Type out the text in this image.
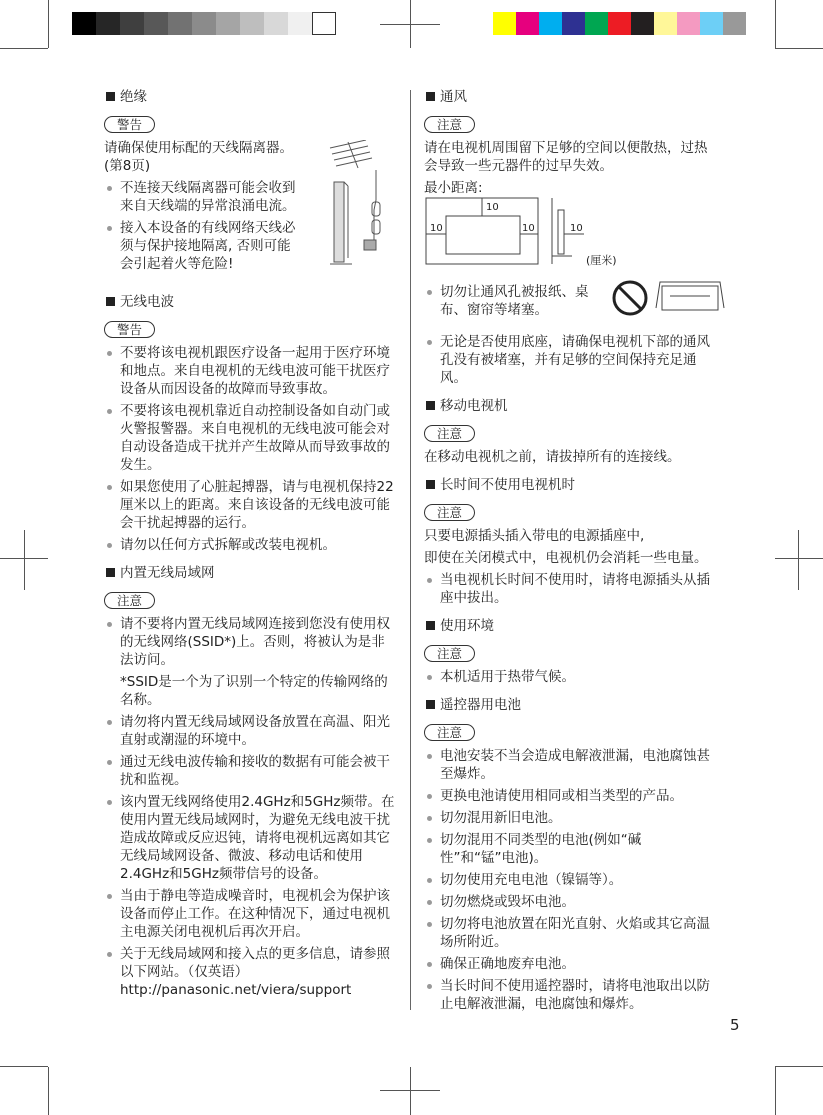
绝缘
警告
请确保使用标配的天线隔离器。(第8页)
不连接天线隔离器可能会收到来自天线端的异常浪涌电流。
接入本设备的有线网络天线必须与保护接地隔离, 否则可能会引起着火等危险!
无线电波
警告
不要将该电视机跟医疗设备一起用于医疗环境和地点。来自电视机的无线电波可能干扰医疗设备从而因设备的故障而导致事故。
不要将该电视机靠近自动控制设备如自动门或火警报警器。来自电视机的无线电波可能会对自动设备造成干扰并产生故障从而导致事故的发生。
如果您使用了心脏起搏器，请与电视机保持22厘米以上的距离。来自该设备的无线电波可能会干扰起搏器的运行。
请勿以任何方式拆解或改装电视机。
内置无线局域网
注意
请不要将内置无线局域网连接到您没有使用权的无线网络(SSID*)上。否则，将被认为是非法访问。
*SSID是一个为了识别一个特定的传输网络的名称。
请勿将内置无线局域网设备放置在高温、阳光直射或潮湿的环境中。
通过无线电波传输和接收的数据有可能会被干扰和监视。
该内置无线网络使用2.4GHz和5GHz频带。在使用内置无线局域网时，为避免无线电波干扰造成故障或反应迟钝，请将电视机远离如其它无线局域网设备、微波、移动电话和使用2.4GHz和5GHz频带信号的设备。
当由于静电等造成噪音时，电视机会为保护该设备而停止工作。在这种情况下，通过电视机主电源关闭电视机后再次开启。
关于无线局域网和接入点的更多信息，请参照以下网站。（仅英语）
http://panasonic.net/viera/support
通风
注意
请在电视机周围留下足够的空间以便散热，过热会导致一些元器件的过早失效。
最小距离:
切勿让通风孔被报纸、桌布、窗帘等堵塞。
无论是否使用底座，请确保电视机下部的通风孔没有被堵塞，并有足够的空间保持充足通风。
移动电视机
注意
在移动电视机之前，请拔掉所有的连接线。
长时间不使用电视机时
注意
只要电源插头插入带电的电源插座中,
即使在关闭模式中，电视机仍会消耗一些电量。
当电视机长时间不使用时，请将电源插头从插座中拔出。
使用环境
注意
本机适用于热带气候。
遥控器用电池
注意
电池安装不当会造成电解液泄漏，电池腐蚀甚至爆炸。
更换电池请使用相同或相当类型的产品。
切勿混用新旧电池。
切勿混用不同类型的电池(例如“碱性”和“锰”电池)。
切勿使用充电电池（镍镉等）。
切勿燃烧或毁坏电池。
切勿将电池放置在阳光直射、火焰或其它高温场所附近。
确保正确地废弃电池。
当长时间不使用遥控器时，请将电池取出以防止电解液泄漏，电池腐蚀和爆炸。
10
10	10	10
(厘米)
5
